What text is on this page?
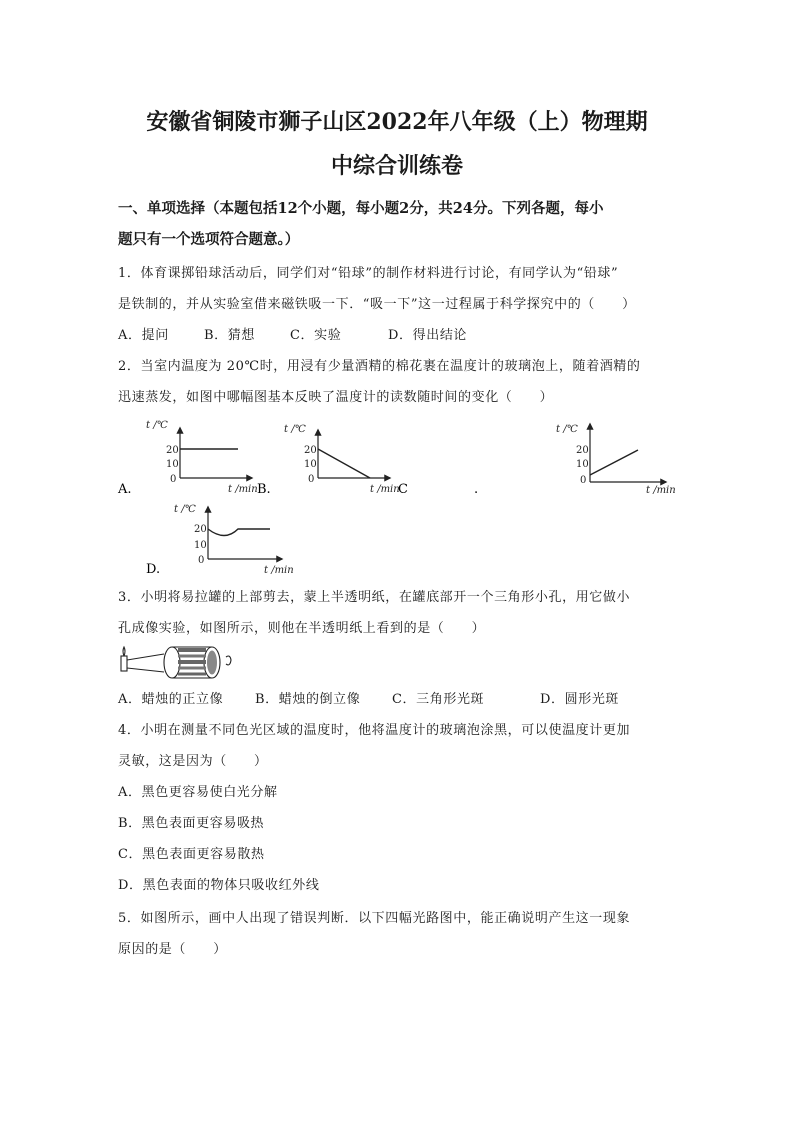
安徽省铜陵市狮子山区2022年八年级（上）物理期
中综合训练卷
一、单项选择（本题包括12个小题，每小题2分，共24分。下列各题，每小
题只有一个选项符合题意。）
1．体育课掷铅球活动后，同学们对“铅球”的制作材料进行讨论，有同学认为“铅球”
是铁制的，并从实验室借来磁铁吸一下．“吸一下”这一过程属于科学探究中的（　　）
A．提问	B．猜想	C．实验	D．得出结论
2．当室内温度为 20℃时，用浸有少量酒精的棉花裹在温度计的玻璃泡上，随着酒精的
迅速蒸发，如图中哪幅图基本反映了温度计的读数随时间的变化（　　）
t /℃
20
10
0
t /min
A.	B.
t /℃
20
10
0
t /min
C	.
t /℃
20
10
0
t /min
t /℃
20
10
0
t /min
D.
3．小明将易拉罐的上部剪去，蒙上半透明纸，在罐底部开一个三角形小孔，用它做小
孔成像实验，如图所示，则他在半透明纸上看到的是（　　）
A．蜡烛的正立像 B．蜡烛的倒立像 C．三角形光斑	D．圆形光斑
4．小明在测量不同色光区域的温度时，他将温度计的玻璃泡涂黑，可以使温度计更加
灵敏，这是因为（　　）
A．黑色更容易使白光分解
B．黑色表面更容易吸热
C．黑色表面更容易散热
D．黑色表面的物体只吸收红外线
5．如图所示，画中人出现了错误判断．以下四幅光路图中，能正确说明产生这一现象
原因的是（　　）
